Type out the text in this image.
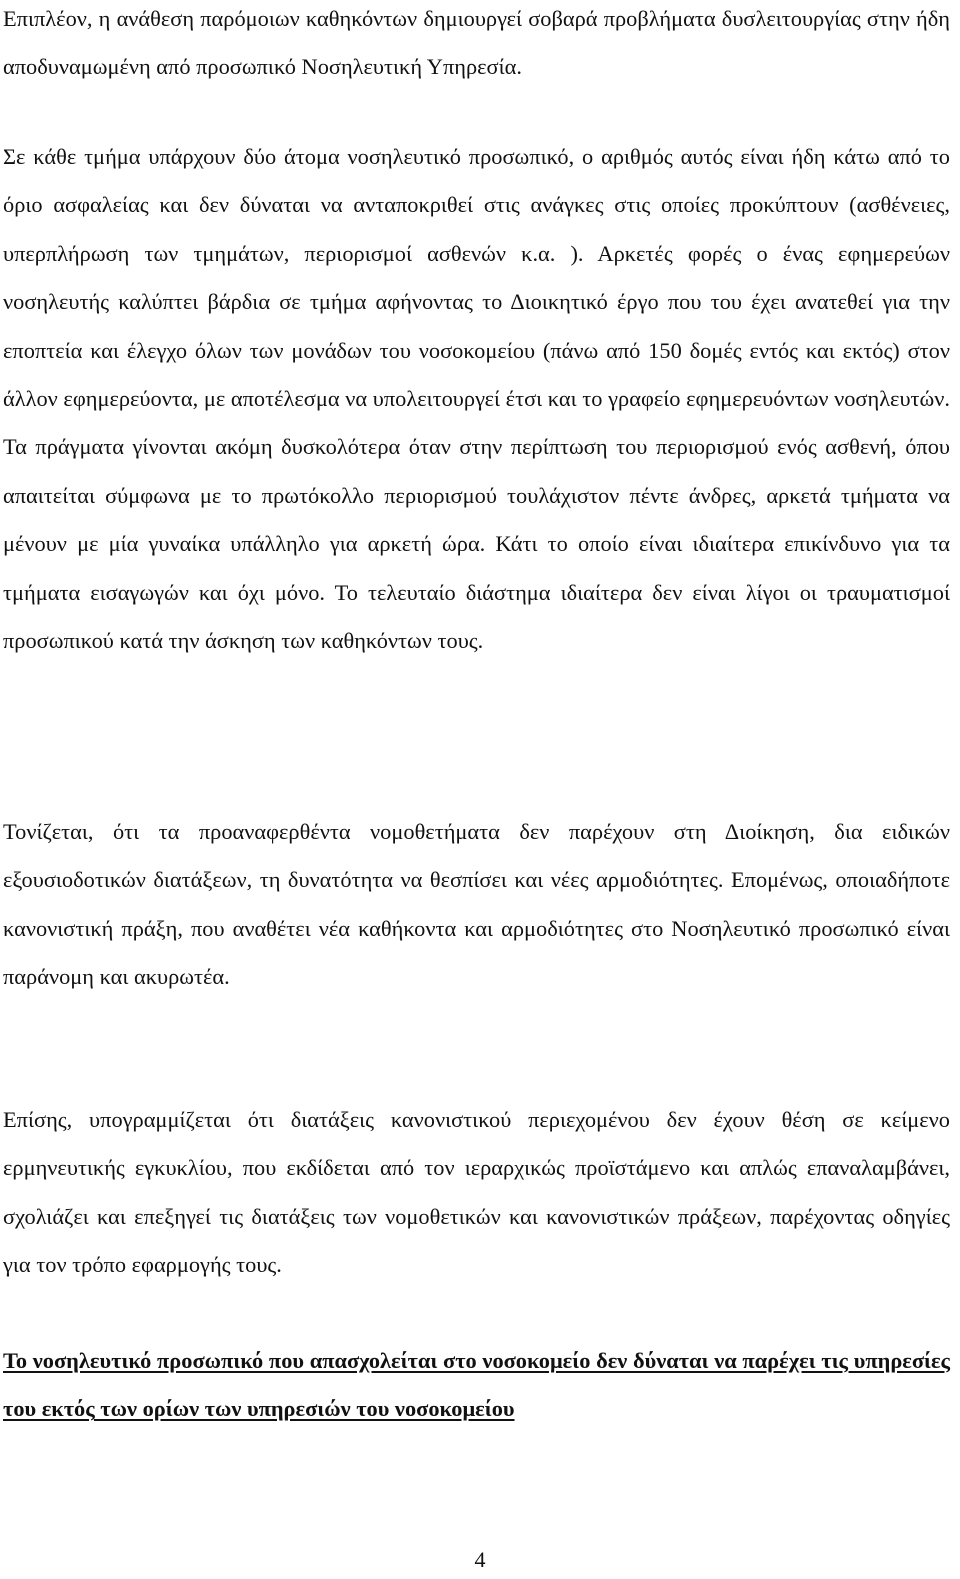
Επιπλέον, η ανάθεση παρόμοιων καθηκόντων δημιουργεί σοβαρά προβλήματα δυσλειτουργίας στην ήδη αποδυναμωμένη από προσωπικό Νοσηλευτική Υπηρεσία.

Σε κάθε τμήμα υπάρχουν δύο άτομα νοσηλευτικό προσωπικό, ο αριθμός αυτός είναι ήδη κάτω από το όριο ασφαλείας και δεν δύναται να ανταποκριθεί στις ανάγκες στις οποίες προκύπτουν (ασθένειες, υπερπλήρωση των τμημάτων, περιορισμοί ασθενών κ.α. ). Αρκετές φορές ο ένας εφημερεύων νοσηλευτής καλύπτει βάρδια σε τμήμα αφήνοντας το Διοικητικό έργο που του έχει ανατεθεί για την εποπτεία και έλεγχο όλων των μονάδων του νοσοκομείου (πάνω από 150 δομές εντός και εκτός) στον άλλον εφημερεύοντα, με αποτέλεσμα να υπολειτουργεί έτσι και το γραφείο εφημερευόντων νοσηλευτών. Τα πράγματα γίνονται ακόμη δυσκολότερα όταν στην περίπτωση του περιορισμού ενός ασθενή, όπου απαιτείται σύμφωνα με το πρωτόκολλο περιορισμού τουλάχιστον πέντε άνδρες, αρκετά τμήματα να μένουν με μία γυναίκα υπάλληλο για αρκετή ώρα. Κάτι το οποίο είναι ιδιαίτερα επικίνδυνο για τα τμήματα εισαγωγών και όχι μόνο. Το τελευταίο διάστημα ιδιαίτερα δεν είναι λίγοι οι τραυματισμοί προσωπικού κατά την άσκηση των καθηκόντων τους.

Τονίζεται, ότι τα προαναφερθέντα νομοθετήματα δεν παρέχουν στη Διοίκηση, δια ειδικών εξουσιοδοτικών διατάξεων, τη δυνατότητα να θεσπίσει και νέες αρμοδιότητες. Επομένως, οποιαδήποτε κανονιστική πράξη, που αναθέτει νέα καθήκοντα και αρμοδιότητες στο Νοσηλευτικό προσωπικό είναι παράνομη και ακυρωτέα.

Επίσης, υπογραμμίζεται ότι διατάξεις κανονιστικού περιεχομένου δεν έχουν θέση σε κείμενο ερμηνευτικής εγκυκλίου, που εκδίδεται από τον ιεραρχικώς προϊστάμενο και απλώς επαναλαμβάνει, σχολιάζει και επεξηγεί τις διατάξεις των νομοθετικών και κανονιστικών πράξεων, παρέχοντας οδηγίες για τον τρόπο εφαρμογής τους.

Το νοσηλευτικό προσωπικό που απασχολείται στο νοσοκομείο δεν δύναται να παρέχει τις υπηρεσίες του εκτός των ορίων των υπηρεσιών του νοσοκομείου

4
